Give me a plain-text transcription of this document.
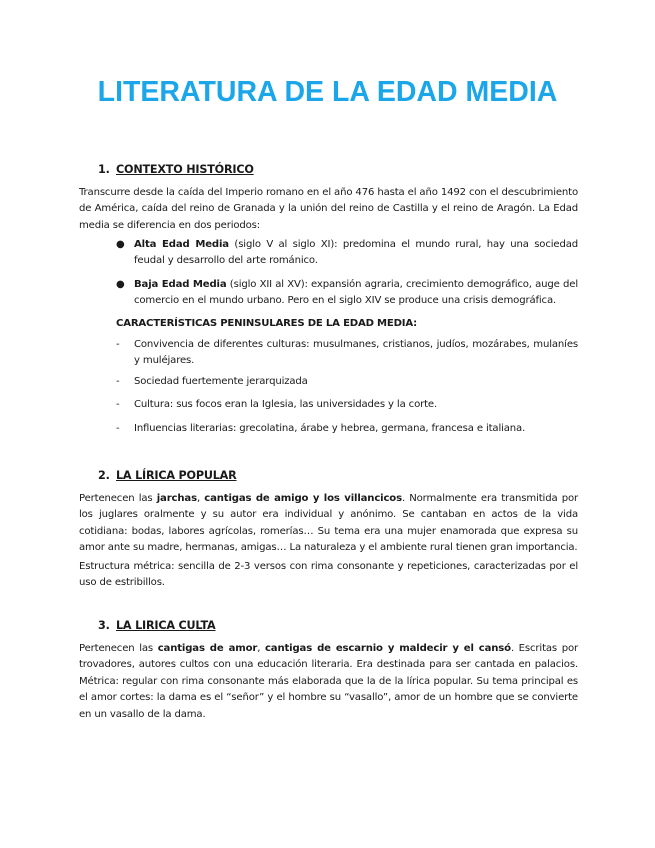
LITERATURA DE LA EDAD MEDIA
1. CONTEXTO HISTÓRICO

Transcurre desde la caída del Imperio romano en el año 476 hasta el año 1492 con el descubrimiento de América, caída del reino de Granada y la unión del reino de Castilla y el reino de Aragón. La Edad media se diferencia en dos periodos:

● Alta Edad Media (siglo V al siglo XI): predomina el mundo rural, hay una sociedad feudal y desarrollo del arte románico.

● Baja Edad Media (siglo XII al XV): expansión agraria, crecimiento demográfico, auge del comercio en el mundo urbano. Pero en el siglo XIV se produce una crisis demográfica.

CARACTERÍSTICAS PENINSULARES DE LA EDAD MEDIA:

- Convivencia de diferentes culturas: musulmanes, cristianos, judíos, mozárabes, mulaníes y muléjares.

- Sociedad fuertemente jerarquizada

- Cultura: sus focos eran la Iglesia, las universidades y la corte.

- Influencias literarias: grecolatina, árabe y hebrea, germana, francesa e italiana.

2. LA LÍRICA POPULAR

Pertenecen las jarchas, cantigas de amigo y los villancicos. Normalmente era transmitida por los juglares oralmente y su autor era individual y anónimo. Se cantaban en actos de la vida cotidiana: bodas, labores agrícolas, romerías… Su tema era una mujer enamorada que expresa su amor ante su madre, hermanas, amigas… La naturaleza y el ambiente rural tienen gran importancia.

Estructura métrica: sencilla de 2-3 versos con rima consonante y repeticiones, caracterizadas por el uso de estribillos.

3. LA LIRICA CULTA

Pertenecen las cantigas de amor, cantigas de escarnio y maldecir y el cansó. Escritas por trovadores, autores cultos con una educación literaria. Era destinada para ser cantada en palacios. Métrica: regular con rima consonante más elaborada que la de la lírica popular. Su tema principal es el amor cortes: la dama es el “señor” y el hombre su “vasallo”, amor de un hombre que se convierte en un vasallo de la dama.
